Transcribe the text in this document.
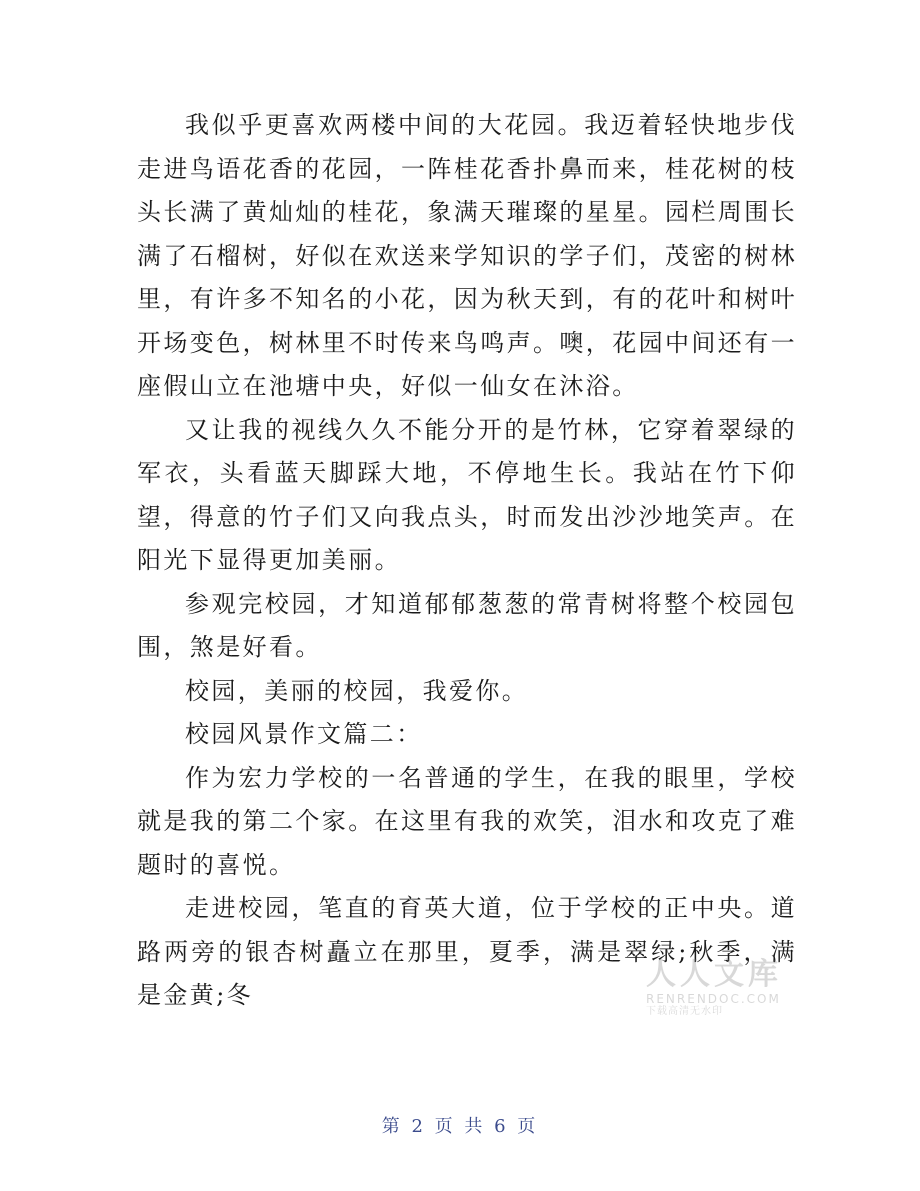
我似乎更喜欢两楼中间的大花园。我迈着轻快地步伐走进鸟语花香的花园，一阵桂花香扑鼻而来，桂花树的枝头长满了黄灿灿的桂花，象满天璀璨的星星。园栏周围长满了石榴树，好似在欢送来学知识的学子们，茂密的树林里，有许多不知名的小花，因为秋天到，有的花叶和树叶开场变色，树林里不时传来鸟鸣声。噢，花园中间还有一座假山立在池塘中央，好似一仙女在沐浴。

又让我的视线久久不能分开的是竹林，它穿着翠绿的军衣，头看蓝天脚踩大地，不停地生长。我站在竹下仰望，得意的竹子们又向我点头，时而发出沙沙地笑声。在阳光下显得更加美丽。

参观完校园，才知道郁郁葱葱的常青树将整个校园包围，煞是好看。

校园，美丽的校园，我爱你。

校园风景作文篇二：

作为宏力学校的一名普通的学生，在我的眼里，学校就是我的第二个家。在这里有我的欢笑，泪水和攻克了难题时的喜悦。

走进校园，笔直的育英大道，位于学校的正中央。道路两旁的银杏树矗立在那里，夏季，满是翠绿;秋季，满是金黄;冬

人人文库
RENRENDOC.COM
下载高清无水印
第 2 页 共 6 页
